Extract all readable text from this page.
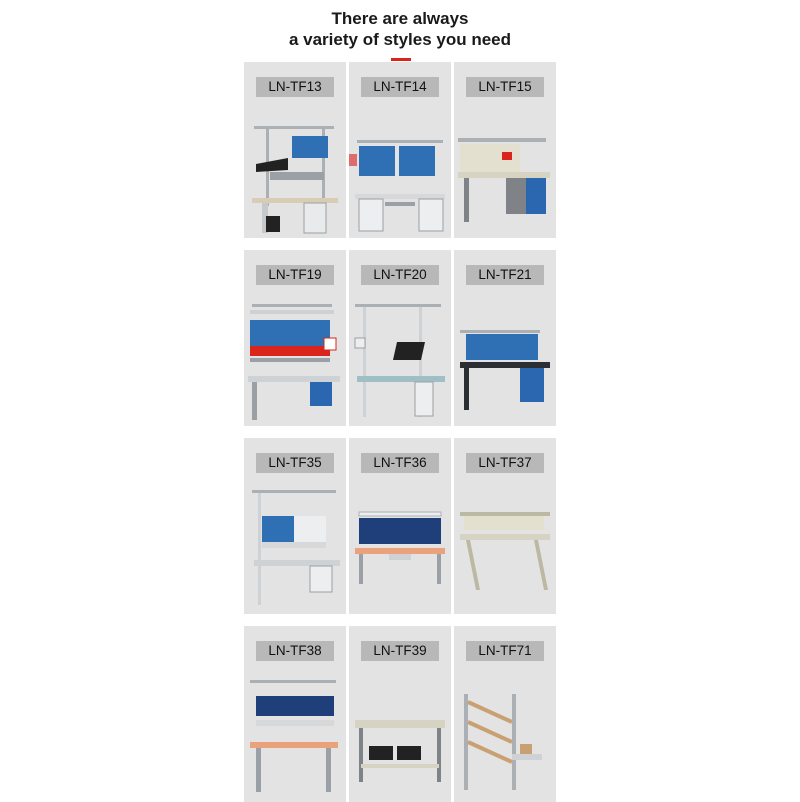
There are always
a variety of styles you need
LN-TF13	LN-TF14	LN-TF15
LN-TF19	LN-TF20	LN-TF21
LN-TF35	LN-TF36	LN-TF37
LN-TF38	LN-TF39	LN-TF71
